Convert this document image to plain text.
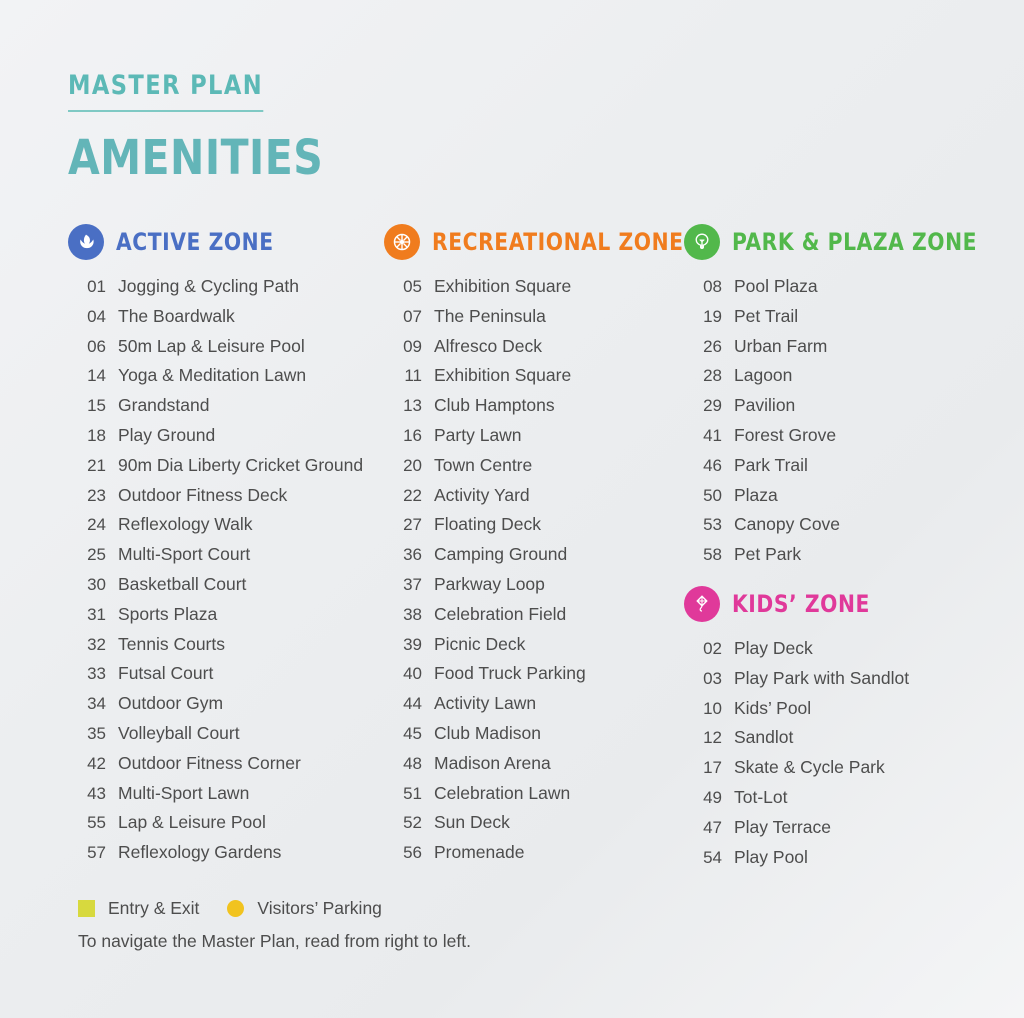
MASTER PLAN
AMENITIES
ACTIVE ZONE
01 Jogging & Cycling Path
04 The Boardwalk
06 50m Lap & Leisure Pool
14 Yoga & Meditation Lawn
15 Grandstand
18 Play Ground
21 90m Dia Liberty Cricket Ground
23 Outdoor Fitness Deck
24 Reflexology Walk
25 Multi-Sport Court
30 Basketball Court
31 Sports Plaza
32 Tennis Courts
33 Futsal Court
34 Outdoor Gym
35 Volleyball Court
42 Outdoor Fitness Corner
43 Multi-Sport Lawn
55 Lap & Leisure Pool
57 Reflexology Gardens
RECREATIONAL ZONE
05 Exhibition Square
07 The Peninsula
09 Alfresco Deck
11 Exhibition Square
13 Club Hamptons
16 Party Lawn
20 Town Centre
22 Activity Yard
27 Floating Deck
36 Camping Ground
37 Parkway Loop
38 Celebration Field
39 Picnic Deck
40 Food Truck Parking
44 Activity Lawn
45 Club Madison
48 Madison Arena
51 Celebration Lawn
52 Sun Deck
56 Promenade
PARK & PLAZA ZONE
08 Pool Plaza
19 Pet Trail
26 Urban Farm
28 Lagoon
29 Pavilion
41 Forest Grove
46 Park Trail
50 Plaza
53 Canopy Cove
58 Pet Park
KIDS’ ZONE
02 Play Deck
03 Play Park with Sandlot
10 Kids’ Pool
12 Sandlot
17 Skate & Cycle Park
49 Tot-Lot
47 Play Terrace
54 Play Pool
Entry & Exit	Visitors’ Parking
To navigate the Master Plan, read from right to left.
